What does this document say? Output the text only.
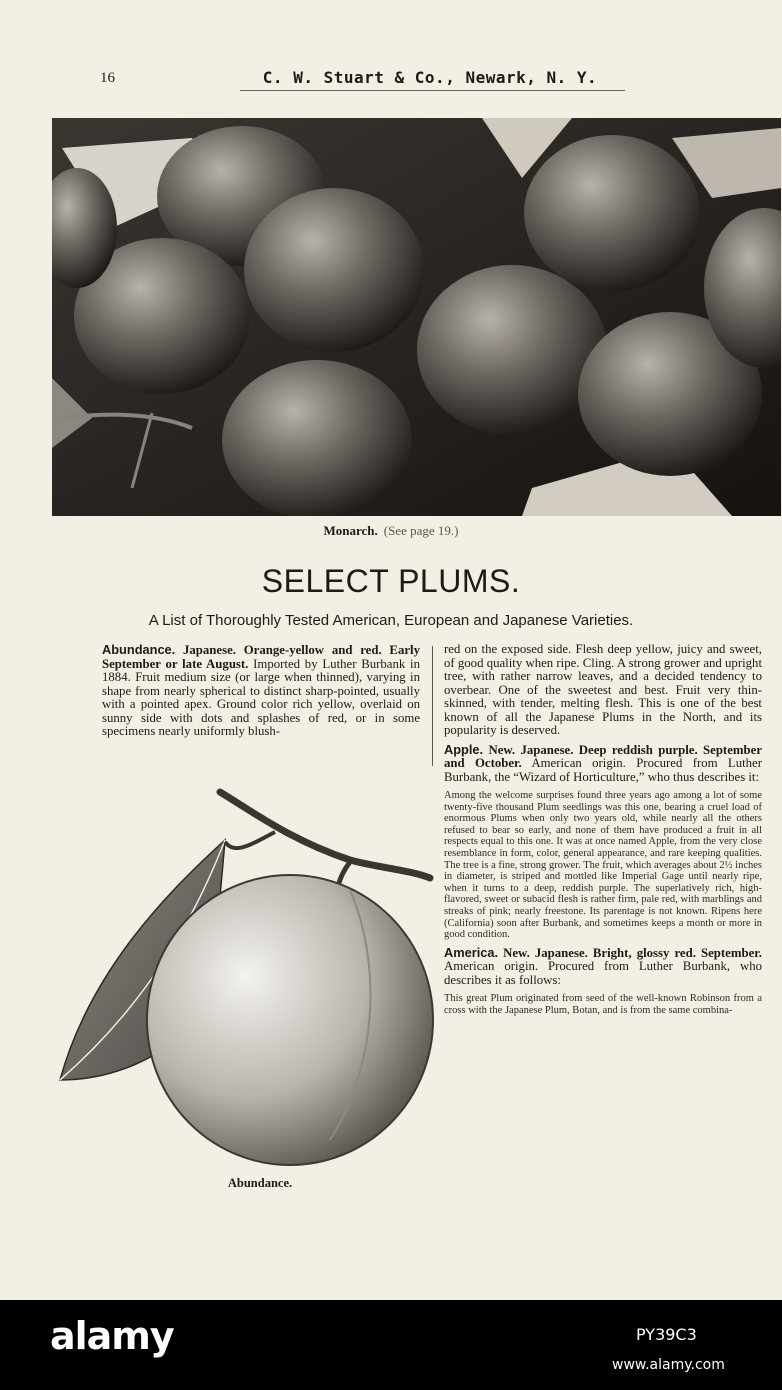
16	C. W. Stuart & Co., Newark, N. Y.
Monarch. (See page 19.)
SELECT PLUMS.
A List of Thoroughly Tested American, European and Japanese Varieties.

Abundance. Japanese. Orange-yellow and red. Early September or late August. Imported by Luther Burbank in 1884. Fruit medium size (or large when thinned), varying in shape from nearly spherical to distinct sharp-pointed, usually with a pointed apex. Ground color rich yellow, overlaid on sunny side with dots and splashes of red, or in some specimens nearly uniformly blush-

red on the exposed side. Flesh deep yellow, juicy and sweet, of good quality when ripe. Cling. A strong grower and upright tree, with rather narrow leaves, and a decided tendency to overbear. One of the sweetest and best. Fruit very thin-skinned, with tender, melting flesh. This is one of the best known of all the Japanese Plums in the North, and its popularity is deserved.

Apple. New. Japanese. Deep reddish purple. September and October. American origin. Procured from Luther Burbank, the “Wizard of Horticulture,” who thus describes it:

Among the welcome surprises found three years ago among a lot of some twenty-five thousand Plum seedlings was this one, bearing a cruel load of enormous Plums when only two years old, while nearly all the others refused to bear so early, and none of them have produced a fruit in all respects equal to this one. It was at once named Apple, from the very close resemblance in form, color, general appearance, and rare keeping qualities. The tree is a fine, strong grower. The fruit, which averages about 2½ inches in diameter, is striped and mottled like Imperial Gage until nearly ripe, when it turns to a deep, reddish purple. The superlatively rich, high-flavored, sweet or subacid flesh is rather firm, pale red, with marblings and streaks of pink; nearly freestone. Its parentage is not known. Ripens here (California) soon after Burbank, and sometimes keeps a month or more in good condition.

America. New. Japanese. Bright, glossy red. September. American origin. Procured from Luther Burbank, who describes it as follows:

This great Plum originated from seed of the well-known Robinson from a cross with the Japanese Plum, Botan, and is from the same combina-

Abundance.
alamy	PY39C3
www.alamy.com
